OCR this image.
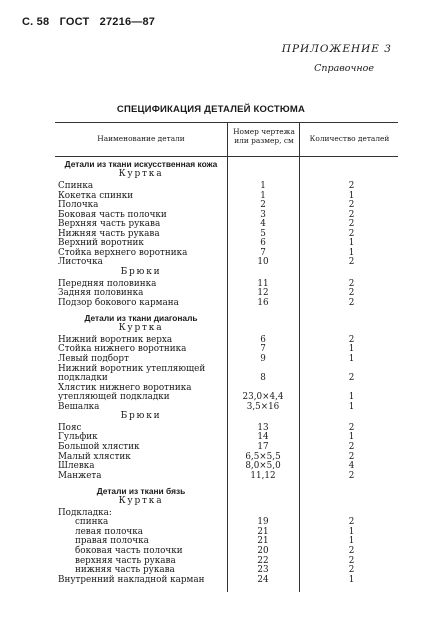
С. 58 ГОСТ 27216—87
ПРИЛОЖЕНИЕ 3
Справочное
СПЕЦИФИКАЦИЯ ДЕТАЛЕЙ КОСТЮМА
Наименование детали
Номер чертежа или размер, см	Количество деталей
Детали из ткани искусственная кожа
Куртка
Спинка	1	2
Кокетка спинки	1	1
Полочка	2	2
Боковая часть полочки	3	2
Верхняя часть рукава	4	2
Нижняя часть рукава	5	2
Верхний воротник	6	1
Стойка верхнего воротника	7	1
Листочка	10	2
Брюки
Передняя половинка	11	2
Задняя половинка	12	2
Подзор бокового кармана	16	2
Детали из ткани диагональ
Куртка
Нижний воротник верха	6	2
Стойка нижнего воротника	7	1
Левый подборт	9	1
Нижний воротник утепляющей
подкладки	8	2
Хлястик нижнего воротника
утепляющей подкладки	23,0×4,4	1
Вешалка	3,5×16	1
Брюки
Пояс	13	2
Гульфик	14	1
Большой хлястик	17	2
Малый хлястик	6,5×5,5	2
Шлевка	8,0×5,0	4
Манжета	11,12	2
Детали из ткани бязь
Куртка
Подкладка:
спинка	19	2
левая полочка	21	1
правая полочка	21	1
боковая часть полочки	20	2
верхняя часть рукава	22	2
нижняя часть рукава	23	2
Внутренний накладной карман	24	1
